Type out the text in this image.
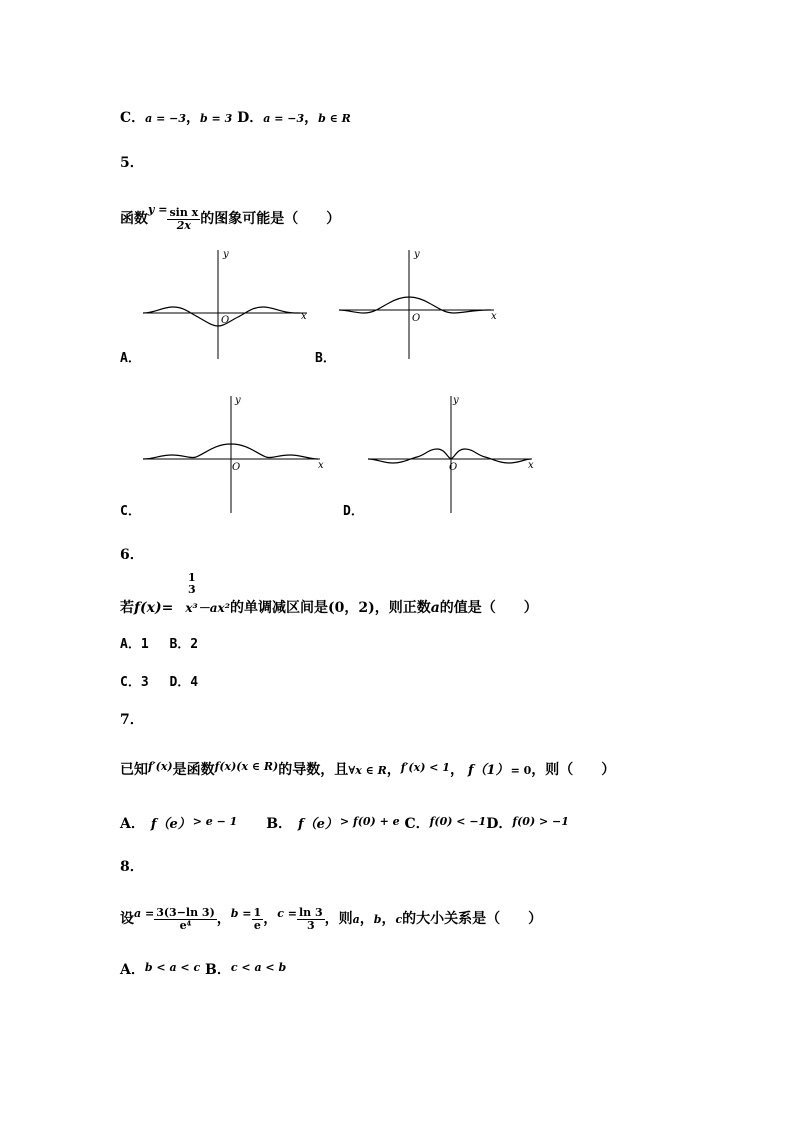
C．a = −3，b = 3 D．a = −3，b ∈ R
5．
函数$^{y =} \frac{\text{sin x}}{2x}$ 的图象可能是（　　）
y
x
O
A．
y
x
O
B．
y
x
O
C．
y
x
O
D．
6．
1
3
若f(x)= x³－ax²的单调减区间是(0，2)，则正数a的值是（　　）
A．1　 B．2
C．3　 D．4
7．
已知$^{f'(x)}$是函数$^{f(x)(x \in R)}$的导数，且∀x ∈ R，$^{f'(x) < 1}$， f（1） = 0，则（　　）
A． f（e） $^{> e - 1}$ B． f（e） $^{> f(0) + e}$ C．$^{f(0) < -1}$D．$^{f(0) > -1}$
8．
设$^{a =} \frac{3(3-\ln 3)}{\text{e⁴}}$ ，$^{b =} \frac{1}{e}$ ，$^{c =} \frac{\ln 3}{3}$ ，则a，b，c的大小关系是（　　）
A．$^{b < a < c}$ B．$^{c < a < b}$
